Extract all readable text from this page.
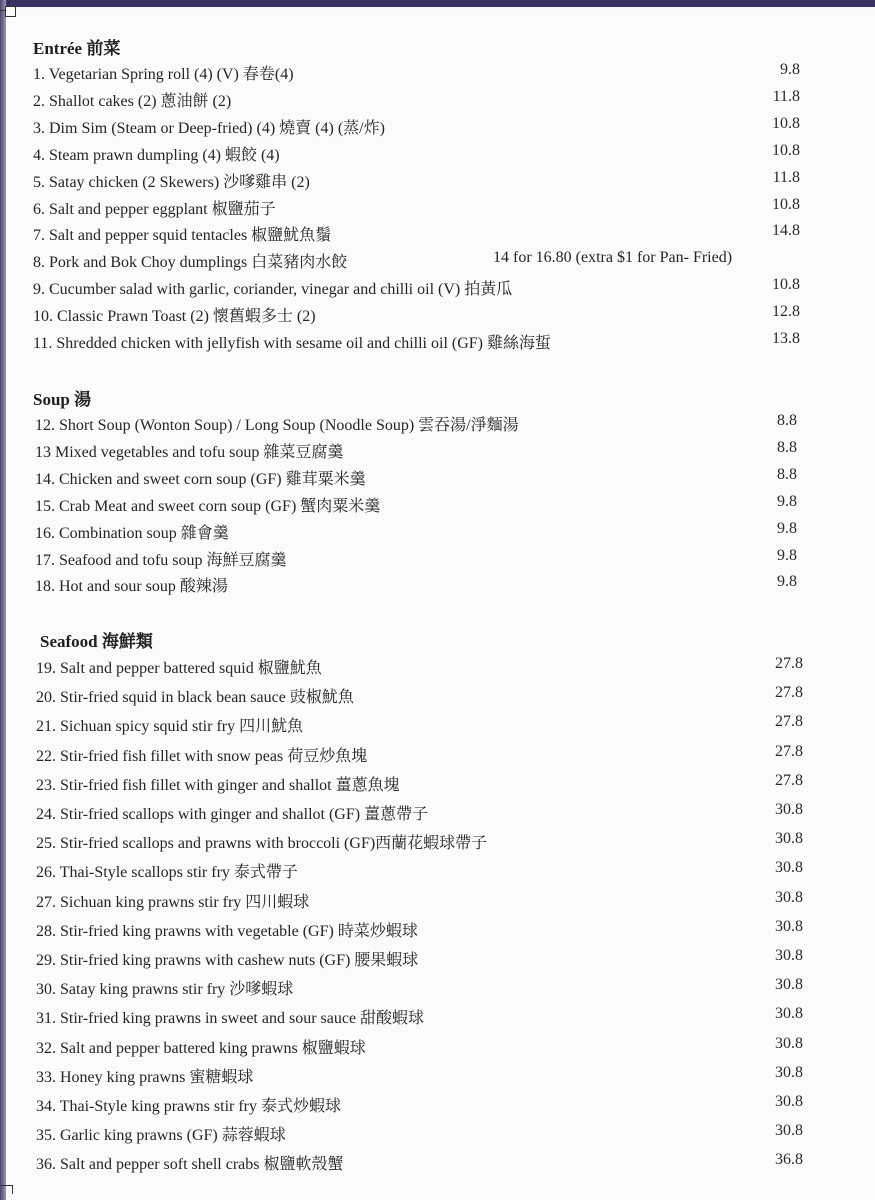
Entrée 前菜
1. Vegetarian Spring roll (4) (V) 春卷(4)	9.8
2. Shallot cakes (2) 蔥油餅 (2)	11.8
3. Dim Sim (Steam or Deep-fried) (4) 燒賣 (4) (蒸/炸)	10.8
4. Steam prawn dumpling (4) 蝦餃 (4)	10.8
5. Satay chicken (2 Skewers) 沙嗲雞串 (2)	11.8
6. Salt and pepper eggplant 椒鹽茄子	10.8
7. Salt and pepper squid tentacles 椒鹽魷魚鬚	14.8
8. Pork and Bok Choy dumplings 白菜豬肉水餃	14 for 16.80 (extra $1 for Pan- Fried)
9. Cucumber salad with garlic, coriander, vinegar and chilli oil (V) 拍黃瓜	10.8
10. Classic Prawn Toast (2) 懷舊蝦多士 (2)	12.8
11. Shredded chicken with jellyfish with sesame oil and chilli oil (GF) 雞絲海蜇	13.8
Soup 湯
12. Short Soup (Wonton Soup) / Long Soup (Noodle Soup) 雲吞湯/淨麵湯	8.8
13 Mixed vegetables and tofu soup 雜菜豆腐羹	8.8
14. Chicken and sweet corn soup (GF) 雞茸粟米羹	8.8
15. Crab Meat and sweet corn soup (GF) 蟹肉粟米羹	9.8
16. Combination soup 雜會羹	9.8
17. Seafood and tofu soup 海鮮豆腐羹	9.8
18. Hot and sour soup 酸辣湯	9.8
Seafood 海鮮類
19. Salt and pepper battered squid 椒鹽魷魚	27.8
20. Stir-fried squid in black bean sauce 豉椒魷魚	27.8
21. Sichuan spicy squid stir fry 四川魷魚	27.8
22. Stir-fried fish fillet with snow peas 荷豆炒魚塊	27.8
23. Stir-fried fish fillet with ginger and shallot 薑蔥魚塊	27.8
24. Stir-fried scallops with ginger and shallot (GF) 薑蔥帶子	30.8
25. Stir-fried scallops and prawns with broccoli (GF)西蘭花蝦球帶子	30.8
26. Thai-Style scallops stir fry 泰式帶子	30.8
27. Sichuan king prawns stir fry 四川蝦球	30.8
28. Stir-fried king prawns with vegetable (GF) 時菜炒蝦球	30.8
29. Stir-fried king prawns with cashew nuts (GF) 腰果蝦球	30.8
30. Satay king prawns stir fry 沙嗲蝦球	30.8
31. Stir-fried king prawns in sweet and sour sauce 甜酸蝦球	30.8
32. Salt and pepper battered king prawns 椒鹽蝦球	30.8
33. Honey king prawns 蜜糖蝦球	30.8
34. Thai-Style king prawns stir fry 泰式炒蝦球	30.8
35. Garlic king prawns (GF) 蒜蓉蝦球	30.8
36. Salt and pepper soft shell crabs 椒鹽軟殼蟹	36.8
